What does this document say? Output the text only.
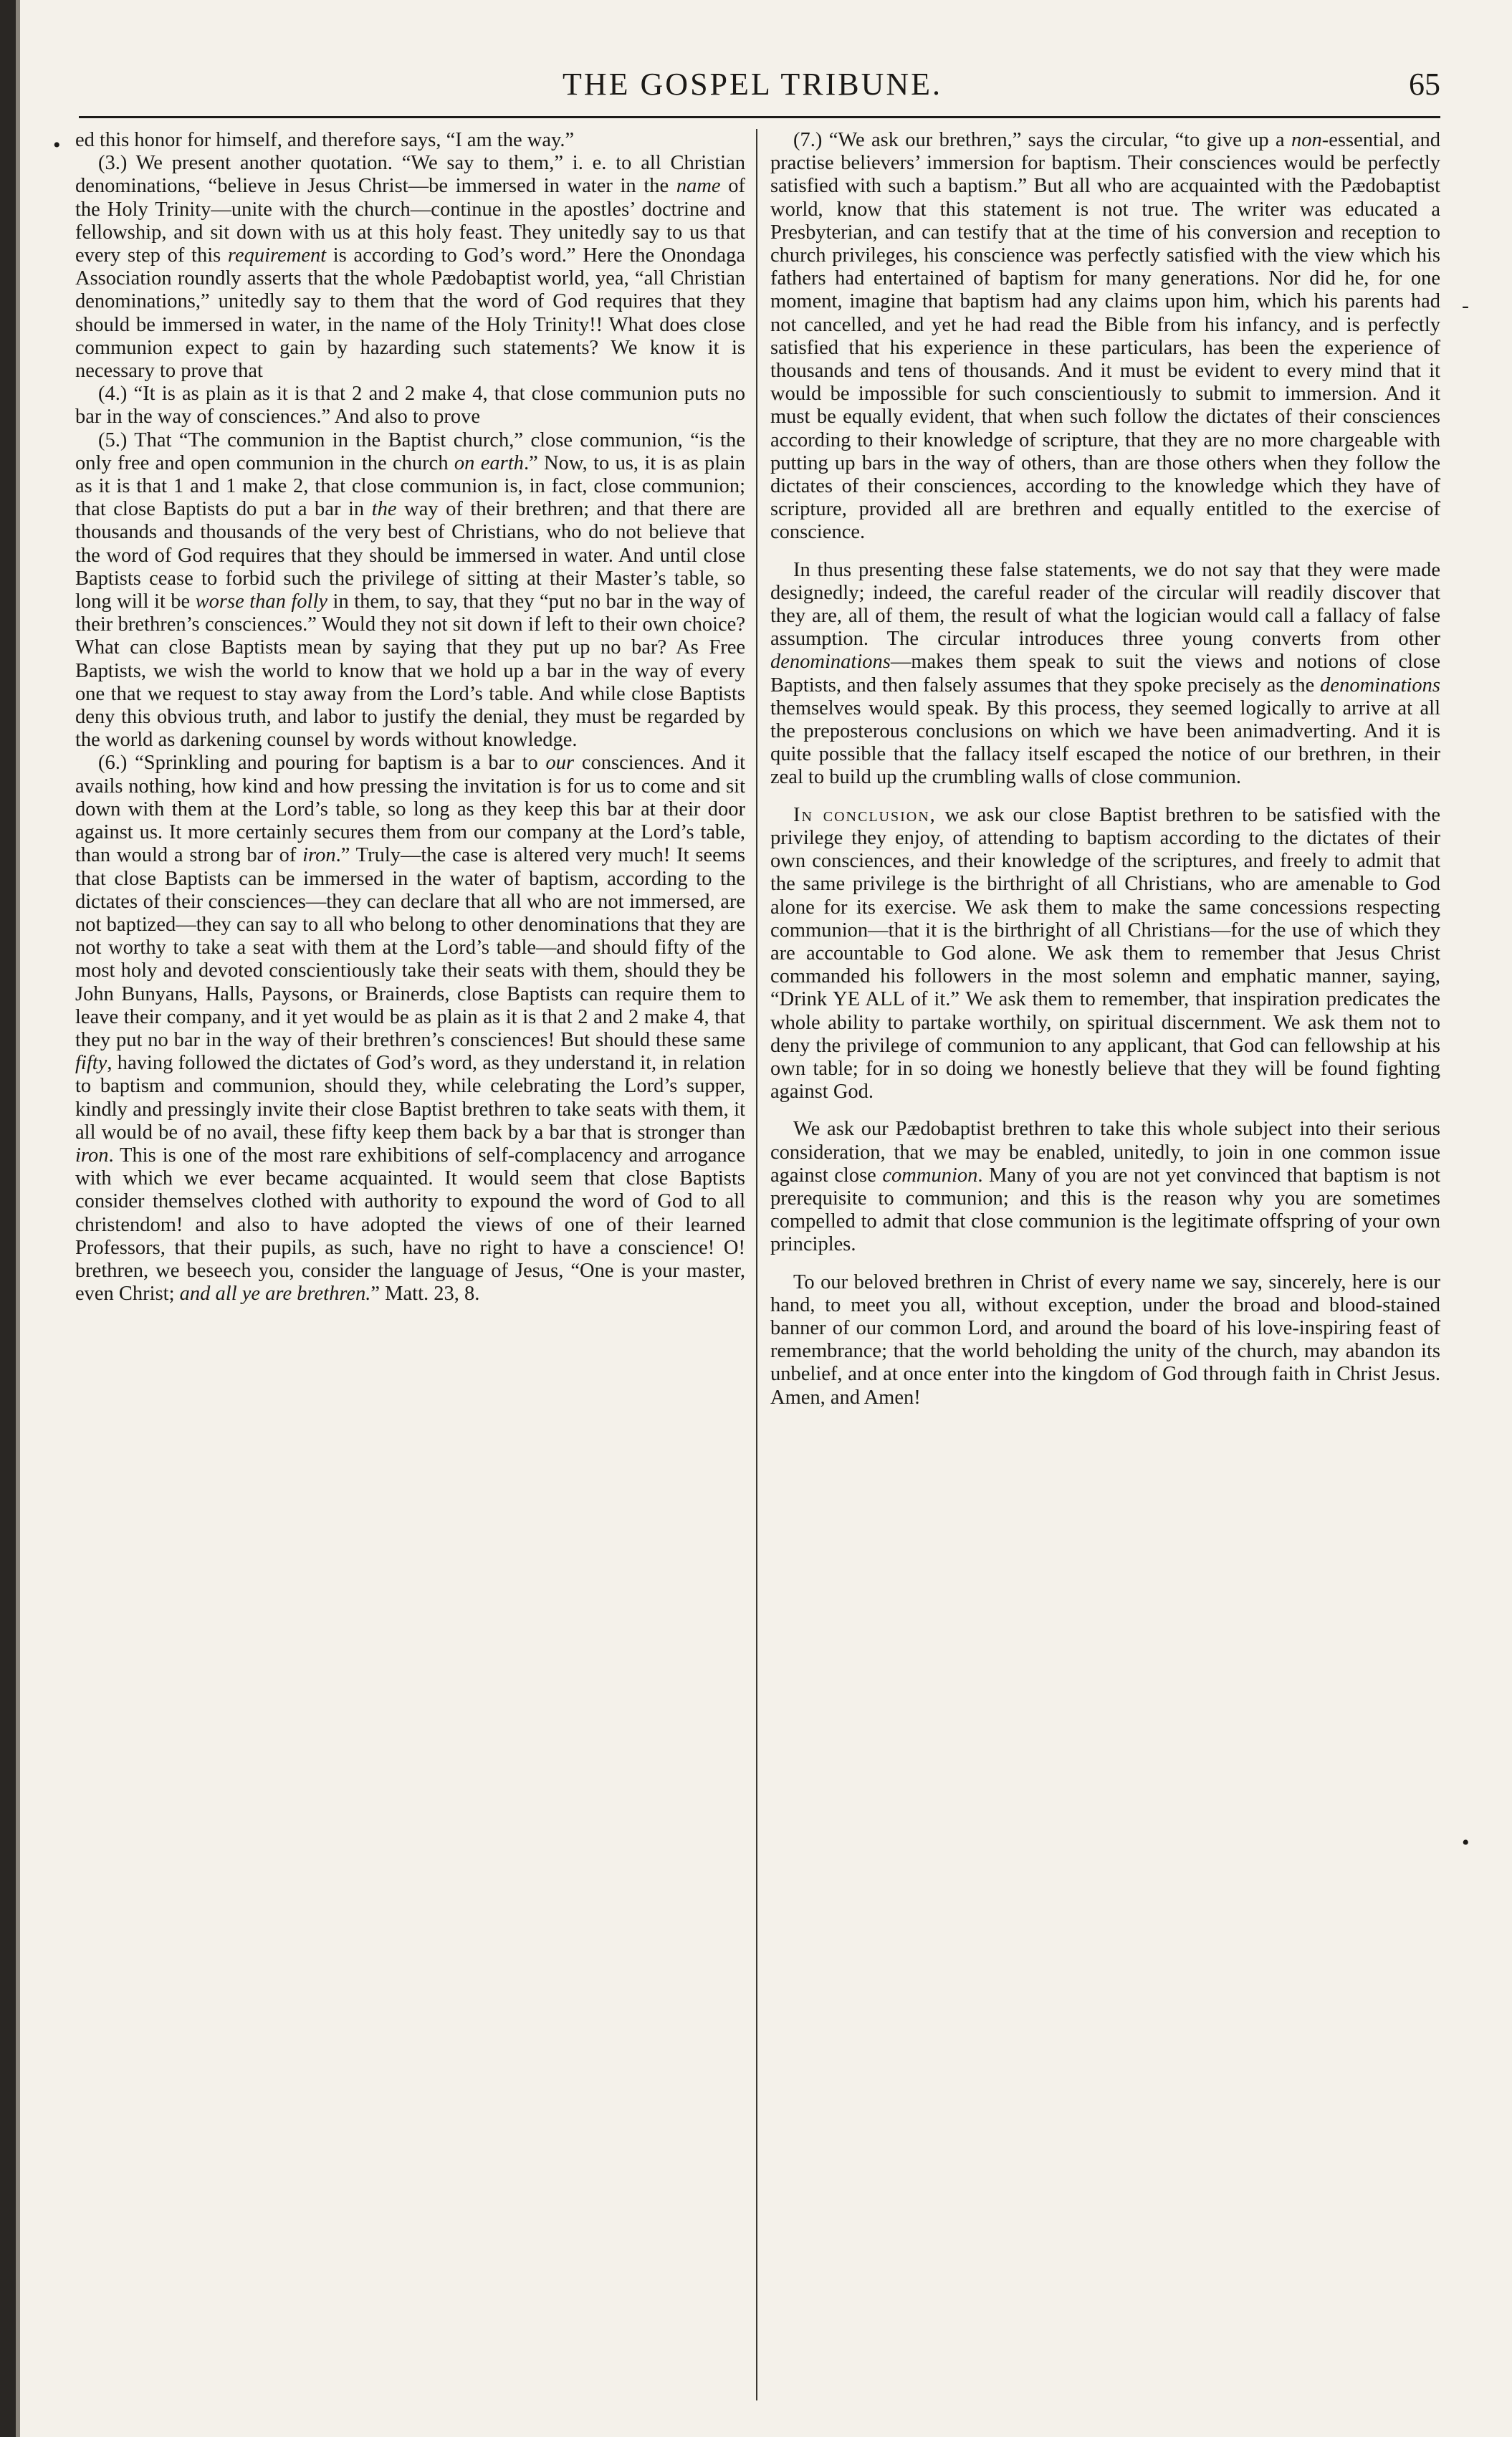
THE GOSPEL TRIBUNE.	65
•
-
•

ed this honor for himself, and therefore says, “I am the way.”

(3.) We present another quotation. “We say to them,” i. e. to all Christian denominations, “believe in Jesus Christ—be immersed in water in the name of the Holy Trinity—unite with the church—continue in the apostles’ doctrine and fellowship, and sit down with us at this holy feast. They unitedly say to us that every step of this requirement is according to God’s word.” Here the Onondaga Association roundly asserts that the whole Pædobaptist world, yea, “all Christian denominations,” unitedly say to them that the word of God requires that they should be immersed in water, in the name of the Holy Trinity!! What does close communion expect to gain by hazarding such statements? We know it is necessary to prove that

(4.) “It is as plain as it is that 2 and 2 make 4, that close communion puts no bar in the way of consciences.” And also to prove

(5.) That “The communion in the Baptist church,” close communion, “is the only free and open communion in the church on earth.” Now, to us, it is as plain as it is that 1 and 1 make 2, that close communion is, in fact, close communion; that close Baptists do put a bar in the way of their brethren; and that there are thousands and thousands of the very best of Christians, who do not believe that the word of God requires that they should be immersed in water. And until close Baptists cease to forbid such the privilege of sitting at their Master’s table, so long will it be worse than folly in them, to say, that they “put no bar in the way of their brethren’s consciences.” Would they not sit down if left to their own choice? What can close Baptists mean by saying that they put up no bar? As Free Baptists, we wish the world to know that we hold up a bar in the way of every one that we request to stay away from the Lord’s table. And while close Baptists deny this obvious truth, and labor to justify the denial, they must be regarded by the world as darkening counsel by words without knowledge.

(6.) “Sprinkling and pouring for baptism is a bar to our consciences. And it avails nothing, how kind and how pressing the invitation is for us to come and sit down with them at the Lord’s table, so long as they keep this bar at their door against us. It more certainly secures them from our company at the Lord’s table, than would a strong bar of iron.” Truly—the case is altered very much! It seems that close Baptists can be immersed in the water of baptism, according to the dictates of their consciences—they can declare that all who are not immersed, are not baptized—they can say to all who belong to other denominations that they are not worthy to take a seat with them at the Lord’s table—and should fifty of the most holy and devoted conscientiously take their seats with them, should they be John Bunyans, Halls, Paysons, or Brainerds, close Baptists can require them to leave their company, and it yet would be as plain as it is that 2 and 2 make 4, that they put no bar in the way of their brethren’s consciences! But should these same fifty, having followed the dictates of God’s word, as they understand it, in relation to baptism and communion, should they, while celebrating the Lord’s supper, kindly and pressingly invite their close Baptist brethren to take seats with them, it all would be of no avail, these fifty keep them back by a bar that is stronger than iron. This is one of the most rare exhibitions of self-complacency and arrogance with which we ever became acquainted. It would seem that close Baptists consider themselves clothed with authority to expound the word of God to all christendom! and also to have adopted the views of one of their learned Professors, that their pupils, as such, have no right to have a conscience! O! brethren, we beseech you, consider the language of Jesus, “One is your master, even Christ; and all ye are brethren.” Matt. 23, 8.

(7.) “We ask our brethren,” says the circular, “to give up a non-essential, and practise believers’ immersion for baptism. Their consciences would be perfectly satisfied with such a baptism.” But all who are acquainted with the Pædobaptist world, know that this statement is not true. The writer was educated a Presbyterian, and can testify that at the time of his conversion and reception to church privileges, his conscience was perfectly satisfied with the view which his fathers had entertained of baptism for many generations. Nor did he, for one moment, imagine that baptism had any claims upon him, which his parents had not cancelled, and yet he had read the Bible from his infancy, and is perfectly satisfied that his experience in these particulars, has been the experience of thousands and tens of thousands. And it must be evident to every mind that it would be impossible for such conscientiously to submit to immersion. And it must be equally evident, that when such follow the dictates of their consciences according to their knowledge of scripture, that they are no more chargeable with putting up bars in the way of others, than are those others when they follow the dictates of their consciences, according to the knowledge which they have of scripture, provided all are brethren and equally entitled to the exercise of conscience.

In thus presenting these false statements, we do not say that they were made designedly; indeed, the careful reader of the circular will readily discover that they are, all of them, the result of what the logician would call a fallacy of false assumption. The circular introduces three young converts from other denominations—makes them speak to suit the views and notions of close Baptists, and then falsely assumes that they spoke precisely as the denominations themselves would speak. By this process, they seemed logically to arrive at all the preposterous conclusions on which we have been animadverting. And it is quite possible that the fallacy itself escaped the notice of our brethren, in their zeal to build up the crumbling walls of close communion.

In conclusion, we ask our close Baptist brethren to be satisfied with the privilege they enjoy, of attending to baptism according to the dictates of their own consciences, and their knowledge of the scriptures, and freely to admit that the same privilege is the birthright of all Christians, who are amenable to God alone for its exercise. We ask them to make the same concessions respecting communion—that it is the birthright of all Christians—for the use of which they are accountable to God alone. We ask them to remember that Jesus Christ commanded his followers in the most solemn and emphatic manner, saying, “Drink YE ALL of it.” We ask them to remember, that inspiration predicates the whole ability to partake worthily, on spiritual discernment. We ask them not to deny the privilege of communion to any applicant, that God can fellowship at his own table; for in so doing we honestly believe that they will be found fighting against God.

We ask our Pædobaptist brethren to take this whole subject into their serious consideration, that we may be enabled, unitedly, to join in one common issue against close communion. Many of you are not yet convinced that baptism is not prerequisite to communion; and this is the reason why you are sometimes compelled to admit that close communion is the legitimate offspring of your own principles.

To our beloved brethren in Christ of every name we say, sincerely, here is our hand, to meet you all, without exception, under the broad and blood-stained banner of our common Lord, and around the board of his love-inspiring feast of remembrance; that the world beholding the unity of the church, may abandon its unbelief, and at once enter into the kingdom of God through faith in Christ Jesus. Amen, and Amen!
